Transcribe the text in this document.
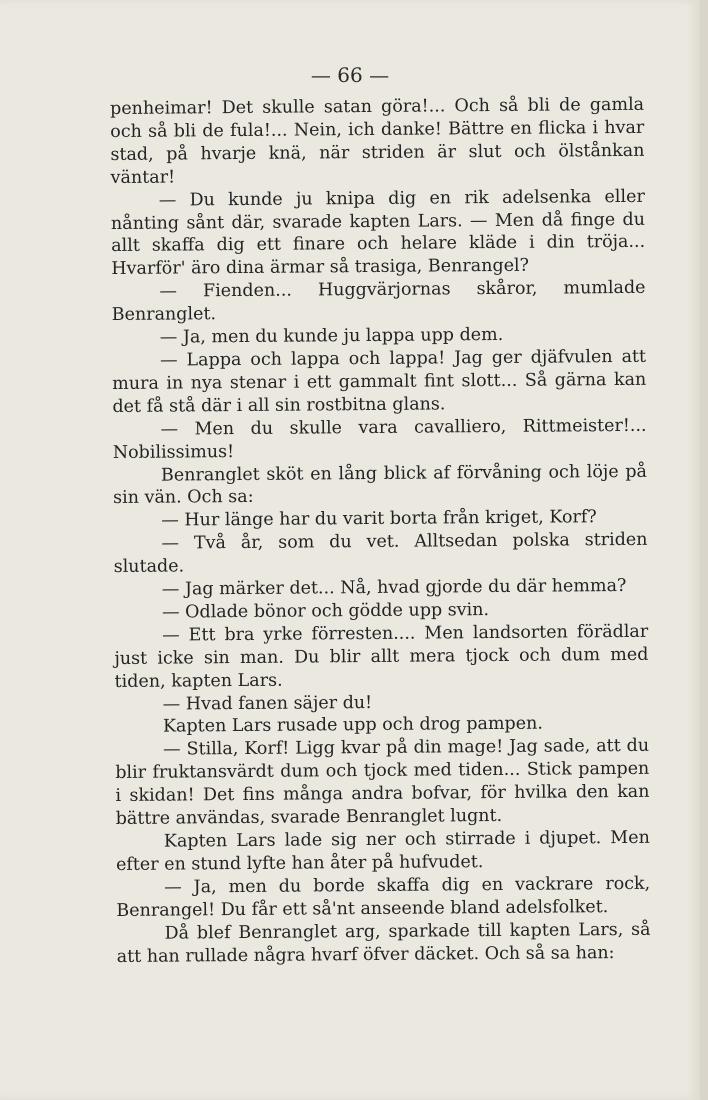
— 66 —

penheimar! Det skulle satan göra!... Och så bli de gamla och så bli de fula!... Nein, ich danke! Bättre en flicka i hvar stad, på hvarje knä, när striden är slut och ölstånkan väntar!

— Du kunde ju knipa dig en rik adelsenka eller nånting sånt där, svarade kapten Lars. — Men då finge du allt skaffa dig ett finare och helare kläde i din tröja... Hvarför' äro dina ärmar så trasiga, Benrangel?

— Fienden... Huggvärjornas skåror, mumlade Benranglet.

— Ja, men du kunde ju lappa upp dem.

— Lappa och lappa och lappa! Jag ger djäfvulen att mura in nya stenar i ett gammalt fint slott... Så gärna kan det få stå där i all sin rostbitna glans.

— Men du skulle vara cavalliero, Rittmeister!... Nobilissimus!

Benranglet sköt en lång blick af förvåning och löje på sin vän. Och sa:

— Hur länge har du varit borta från kriget, Korf?

— Två år, som du vet. Alltsedan polska striden slutade.

— Jag märker det... Nå, hvad gjorde du där hemma?

— Odlade bönor och gödde upp svin.

— Ett bra yrke förresten.... Men landsorten förädlar just icke sin man. Du blir allt mera tjock och dum med tiden, kapten Lars.

— Hvad fanen säjer du!

Kapten Lars rusade upp och drog pampen.

— Stilla, Korf! Ligg kvar på din mage! Jag sade, att du blir fruktansvärdt dum och tjock med tiden... Stick pampen i skidan! Det fins många andra bofvar, för hvilka den kan bättre användas, svarade Benranglet lugnt.

Kapten Lars lade sig ner och stirrade i djupet. Men efter en stund lyfte han åter på hufvudet.

— Ja, men du borde skaffa dig en vackrare rock, Benrangel! Du får ett så'nt anseende bland adelsfolket.

Då blef Benranglet arg, sparkade till kapten Lars, så att han rullade några hvarf öfver däcket. Och så sa han:
